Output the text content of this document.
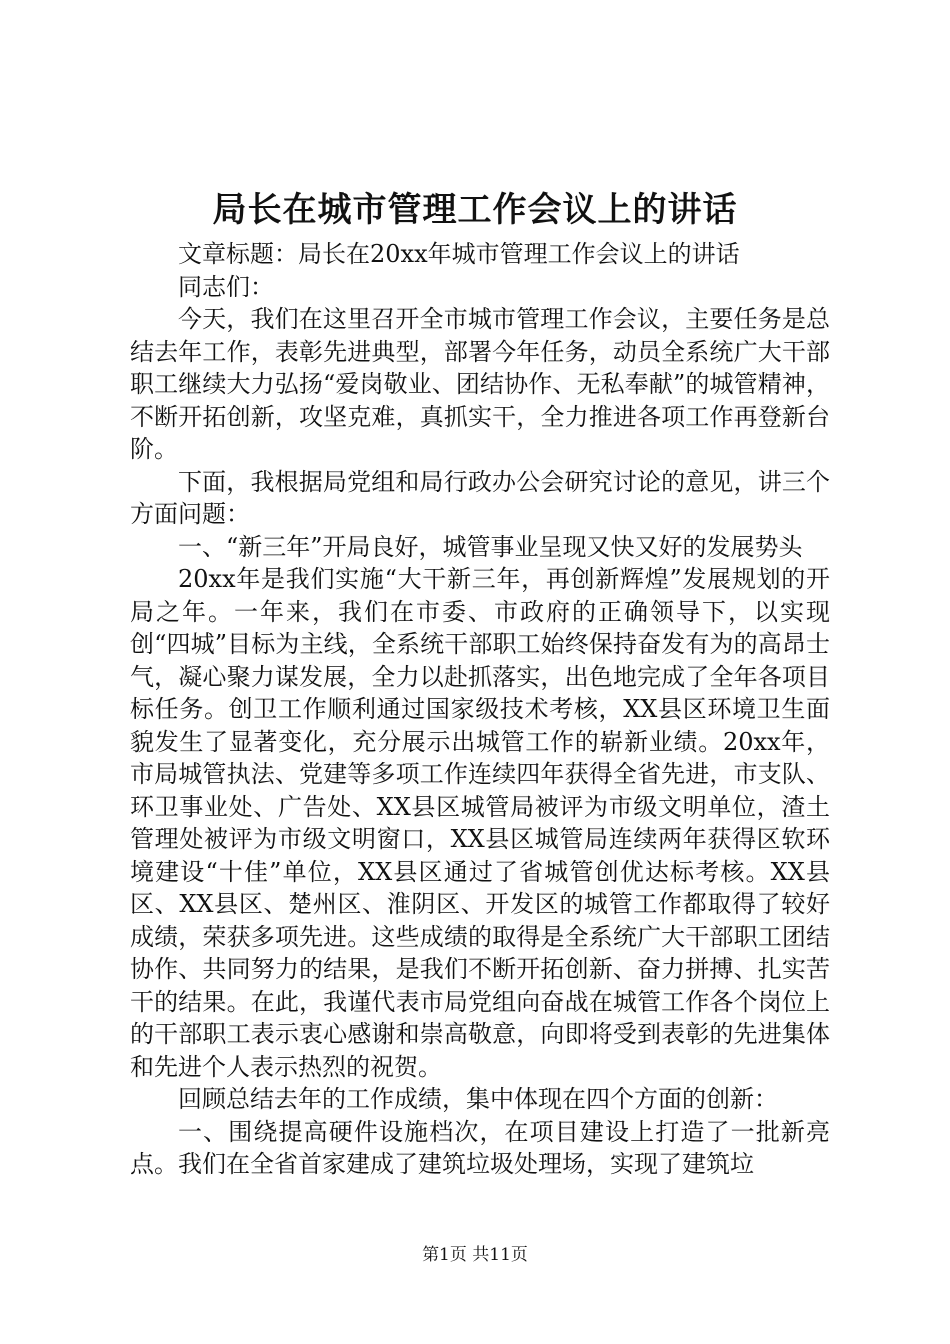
局长在城市管理工作会议上的讲话

文章标题：局长在20xx年城市管理工作会议上的讲话

同志们：

今天，我们在这里召开全市城市管理工作会议，主要任务是总结去年工作，表彰先进典型，部署今年任务，动员全系统广大干部职工继续大力弘扬“爱岗敬业、团结协作、无私奉献”的城管精神，不断开拓创新，攻坚克难，真抓实干，全力推进各项工作再登新台阶。

下面，我根据局党组和局行政办公会研究讨论的意见，讲三个方面问题：

一、“新三年”开局良好，城管事业呈现又快又好的发展势头

20xx年是我们实施“大干新三年，再创新辉煌”发展规划的开局之年。一年来，我们在市委、市政府的正确领导下，以实现创“四城”目标为主线，全系统干部职工始终保持奋发有为的高昂士气，凝心聚力谋发展，全力以赴抓落实，出色地完成了全年各项目标任务。创卫工作顺利通过国家级技术考核，XX县区环境卫生面貌发生了显著变化，充分展示出城管工作的崭新业绩。20xx年，市局城管执法、党建等多项工作连续四年获得全省先进，市支队、环卫事业处、广告处、XX县区城管局被评为市级文明单位，渣土管理处被评为市级文明窗口，XX县区城管局连续两年获得区软环境建设“十佳”单位，XX县区通过了省城管创优达标考核。XX县区、XX县区、楚州区、淮阴区、开发区的城管工作都取得了较好成绩，荣获多项先进。这些成绩的取得是全系统广大干部职工团结协作、共同努力的结果，是我们不断开拓创新、奋力拼搏、扎实苦干的结果。在此，我谨代表市局党组向奋战在城管工作各个岗位上的干部职工表示衷心感谢和崇高敬意，向即将受到表彰的先进集体和先进个人表示热烈的祝贺。

回顾总结去年的工作成绩，集中体现在四个方面的创新：

一、围绕提高硬件设施档次，在项目建设上打造了一批新亮点。我们在全省首家建成了建筑垃圾处理场，实现了建筑垃

第1页 共11页
